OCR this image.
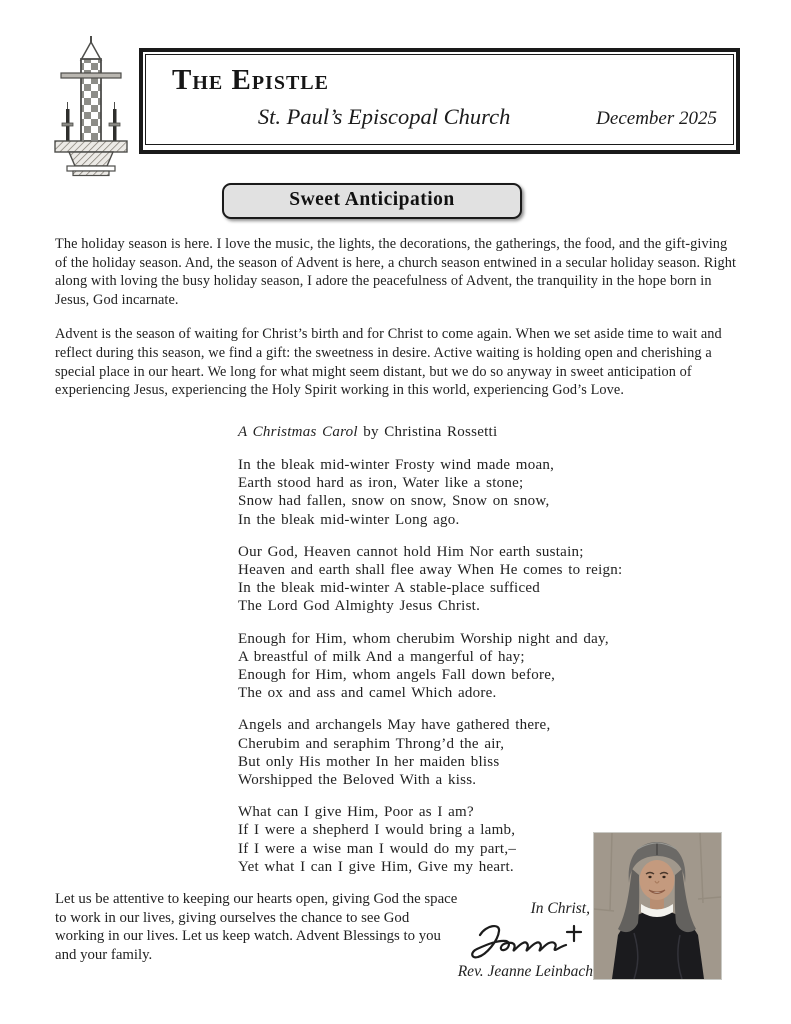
The Epistle
St. Paul’s Episcopal Church	December 2025
Sweet Anticipation

The holiday season is here. I love the music, the lights, the decorations, the gatherings, the food, and the gift-giving of the holiday season. And, the season of Advent is here, a church season entwined in a secular holiday season. Right along with loving the busy holiday season, I adore the peacefulness of Advent, the tranquility in the hope born in Jesus, God incarnate.

Advent is the season of waiting for Christ’s birth and for Christ to come again. When we set aside time to wait and reflect during this season, we find a gift: the sweetness in desire. Active waiting is holding open and cherishing a special place in our heart. We long for what might seem distant, but we do so anyway in sweet anticipation of experiencing Jesus, experiencing the Holy Spirit working in this world, experiencing God’s Love.

A Christmas Carol by Christina Rossetti

In the bleak mid-winter Frosty wind made moan,
Earth stood hard as iron, Water like a stone;
Snow had fallen, snow on snow, Snow on snow,
In the bleak mid-winter Long ago.
Our God, Heaven cannot hold Him Nor earth sustain;
Heaven and earth shall flee away When He comes to reign:
In the bleak mid-winter A stable-place sufficed
The Lord God Almighty Jesus Christ.
Enough for Him, whom cherubim Worship night and day,
A breastful of milk And a mangerful of hay;
Enough for Him, whom angels Fall down before,
The ox and ass and camel Which adore.
Angels and archangels May have gathered there,
Cherubim and seraphim Throng’d the air,
But only His mother In her maiden bliss
Worshipped the Beloved With a kiss.
What can I give Him, Poor as I am?
If I were a shepherd I would bring a lamb,
If I were a wise man I would do my part,–
Yet what I can I give Him, Give my heart.

Let us be attentive to keeping our hearts open, giving God the space to work in our lives, giving ourselves the chance to see God working in our lives. Let us keep watch. Advent Blessings to you and your family.

In Christ,
Rev. Jeanne Leinbach
